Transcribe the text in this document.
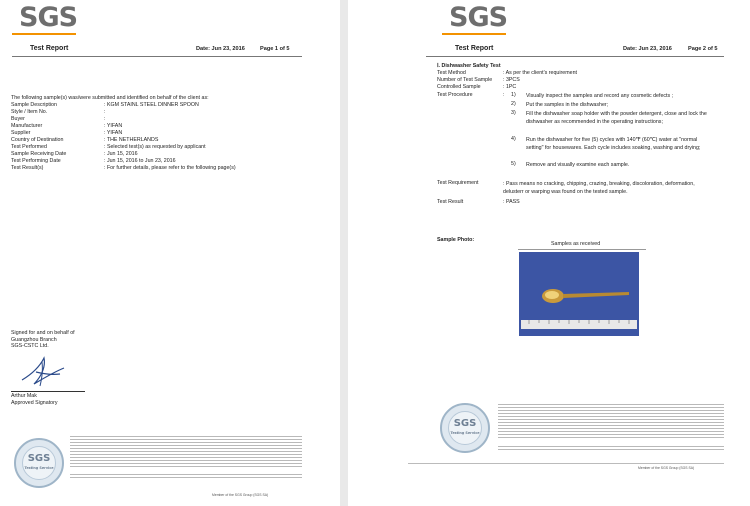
SGS
Test Report	Date: Jun 23, 2016	Page 1 of 5
The following sample(s) was/were submitted and identified on behalf of the client as:
Signed for and on behalf of
Guangzhou Branch
SGS-CSTC Ltd.
Arthur Mak
Approved Signatory
SGS
Testing Service
Member of the SGS Group (SGS SA)
Sample Description	: KGM STAINL STEEL DINNER SPOON
Style / Item No.	:
Buyer	:
Manufacturer	: YIFAN
Supplier	: YIFAN
Country of Destination	: THE NETHERLANDS
Test Performed	: Selected test(s) as requested by applicant
Sample Receiving Date	: Jun 15, 2016
Test Performing Date	: Jun 15, 2016 to Jun 23, 2016
Test Result(s)	: For further details, please refer to the following page(s)
SGS
Test Report	Date: Jun 23, 2016	Page 2 of 5
Ⅰ. Dishwasher Safety Test
Test Procedure	:
Test Requirement	: Pass means no cracking, chipping, crazing, breaking, discoloration, deformation, delusterr or warping was found on the tested sample.
Test Result	: PASS
Sample Photo:
Samples as received
SGS
Testing Service
Member of the SGS Group (SGS SA)
Test Method	: As per the client's requirement
Number of Test Sample : 3PCS
Controlled Sample	: 1PC
1) Visually inspect the samples and record any cosmetic defects ;
2) Put the samples in the dishwasher;
3) Fill the dishwasher soap holder with the powder detergent, close and lock the dishwasher as recommended in the operating instructions;
4) Run the dishwasher for five (5) cycles with 140℉ (60℃) water at "normal setting" for housewares. Each cycle includes soaking, washing and drying;
5) Remove and visually examine each sample.
